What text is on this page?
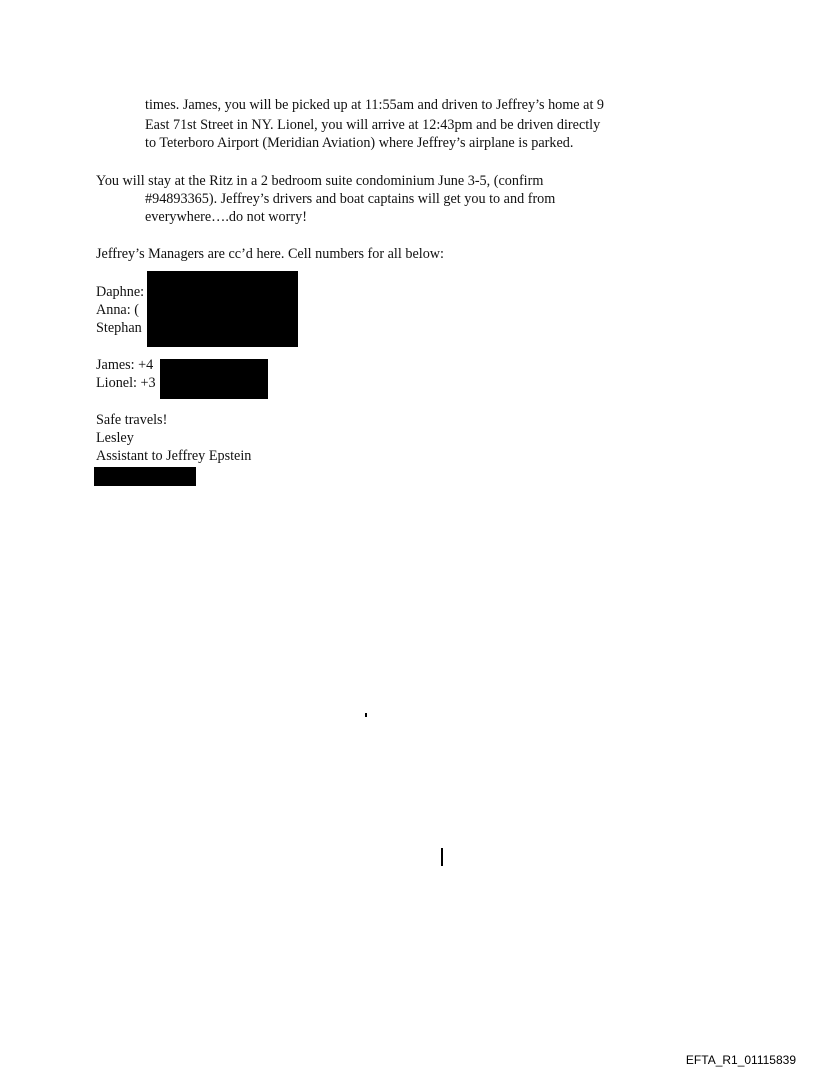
times. James, you will be picked up at 11:55am and driven to Jeffrey’s home at 9
East 71st Street in NY. Lionel, you will arrive at 12:43pm and be driven directly
to Teterboro Airport (Meridian Aviation) where Jeffrey’s airplane is parked.
You will stay at the Ritz in a 2 bedroom suite condominium June 3-5, (confirm
#94893365). Jeffrey’s drivers and boat captains will get you to and from
everywhere….do not worry!
Jeffrey’s Managers are cc’d here. Cell numbers for all below:
Daphne:
Anna: (
Stephan
James: +4
Lionel: +3
Safe travels!
Lesley
Assistant to Jeffrey Epstein
EFTA_R1_01115839
